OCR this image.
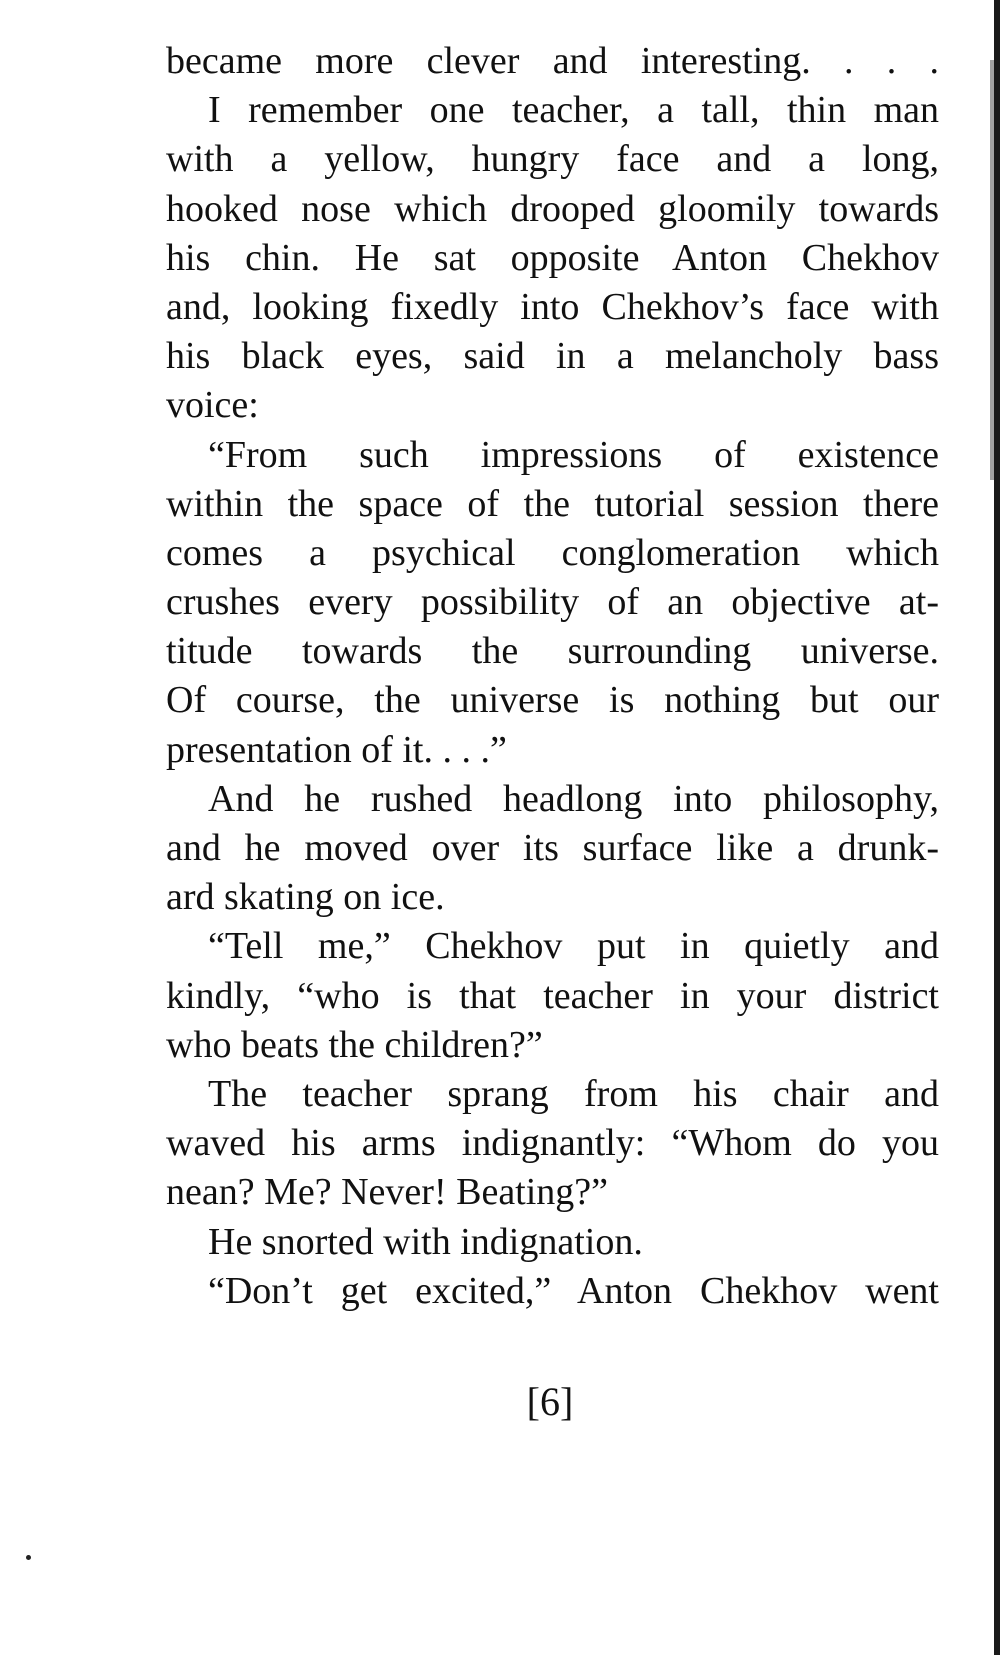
became more clever and interesting. . . .
I remember one teacher, a tall, thin man
with a yellow, hungry face and a long,
hooked nose which drooped gloomily towards
his chin. He sat opposite Anton Chekhov
and, looking fixedly into Chekhov’s face with
his black eyes, said in a melancholy bass
voice:
“From such impressions of existence
within the space of the tutorial session there
comes a psychical conglomeration which
crushes every possibility of an objective at-
titude towards the surrounding universe.
Of course, the universe is nothing but our
presentation of it. . . .”
And he rushed headlong into philosophy,
and he moved over its surface like a drunk-
ard skating on ice.
“Tell me,” Chekhov put in quietly and
kindly, “who is that teacher in your district
who beats the children?”
The teacher sprang from his chair and
waved his arms indignantly: “Whom do you
nean? Me? Never! Beating?”
He snorted with indignation.
“Don’t get excited,” Anton Chekhov went
[6]
